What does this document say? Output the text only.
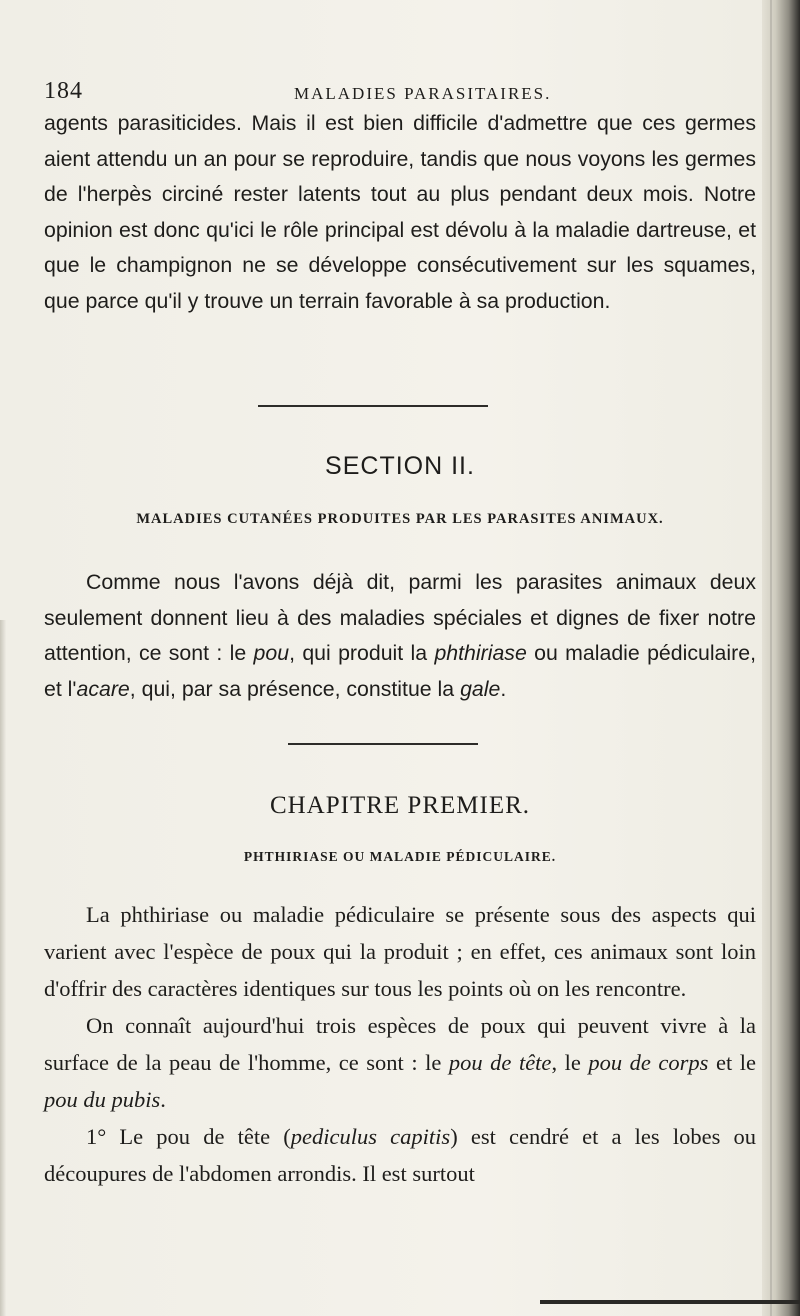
184	MALADIES PARASITAIRES.

agents parasiticides. Mais il est bien difficile d'admettre que ces germes aient attendu un an pour se reproduire, tandis que nous voyons les germes de l'herpès circiné rester latents tout au plus pendant deux mois. Notre opinion est donc qu'ici le rôle principal est dévolu à la maladie dartreuse, et que le champignon ne se développe consécutivement sur les squames, que parce qu'il y trouve un terrain favorable à sa production.

SECTION II.
MALADIES CUTANÉES PRODUITES PAR LES PARASITES ANIMAUX.

Comme nous l'avons déjà dit, parmi les parasites animaux deux seulement donnent lieu à des maladies spéciales et dignes de fixer notre attention, ce sont : le pou, qui produit la phthiriase ou maladie pédiculaire, et l'acare, qui, par sa présence, constitue la gale.

CHAPITRE PREMIER.
PHTHIRIASE OU MALADIE PÉDICULAIRE.

La phthiriase ou maladie pédiculaire se présente sous des aspects qui varient avec l'espèce de poux qui la produit ; en effet, ces animaux sont loin d'offrir des caractères identiques sur tous les points où on les rencontre.

On connaît aujourd'hui trois espèces de poux qui peuvent vivre à la surface de la peau de l'homme, ce sont : le pou de tête, le pou de corps et le pou du pubis.

1° Le pou de tête (pediculus capitis) est cendré et a les lobes ou découpures de l'abdomen arrondis. Il est surtout
